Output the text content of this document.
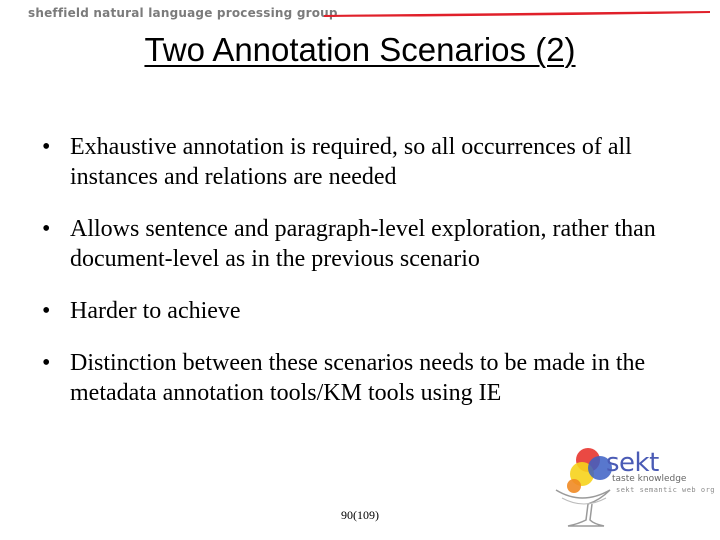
sheffield natural language processing group
Two Annotation Scenarios (2)
•
Exhaustive annotation is required, so all occurrences of all instances and relations are needed
•
Allows sentence and paragraph-level exploration, rather than document-level as in the previous scenario
•
Harder to achieve
•
Distinction between these scenarios needs to be made in the metadata annotation tools/KM tools using IE
sekt
taste knowledge
sekt semantic web org
90(109)
